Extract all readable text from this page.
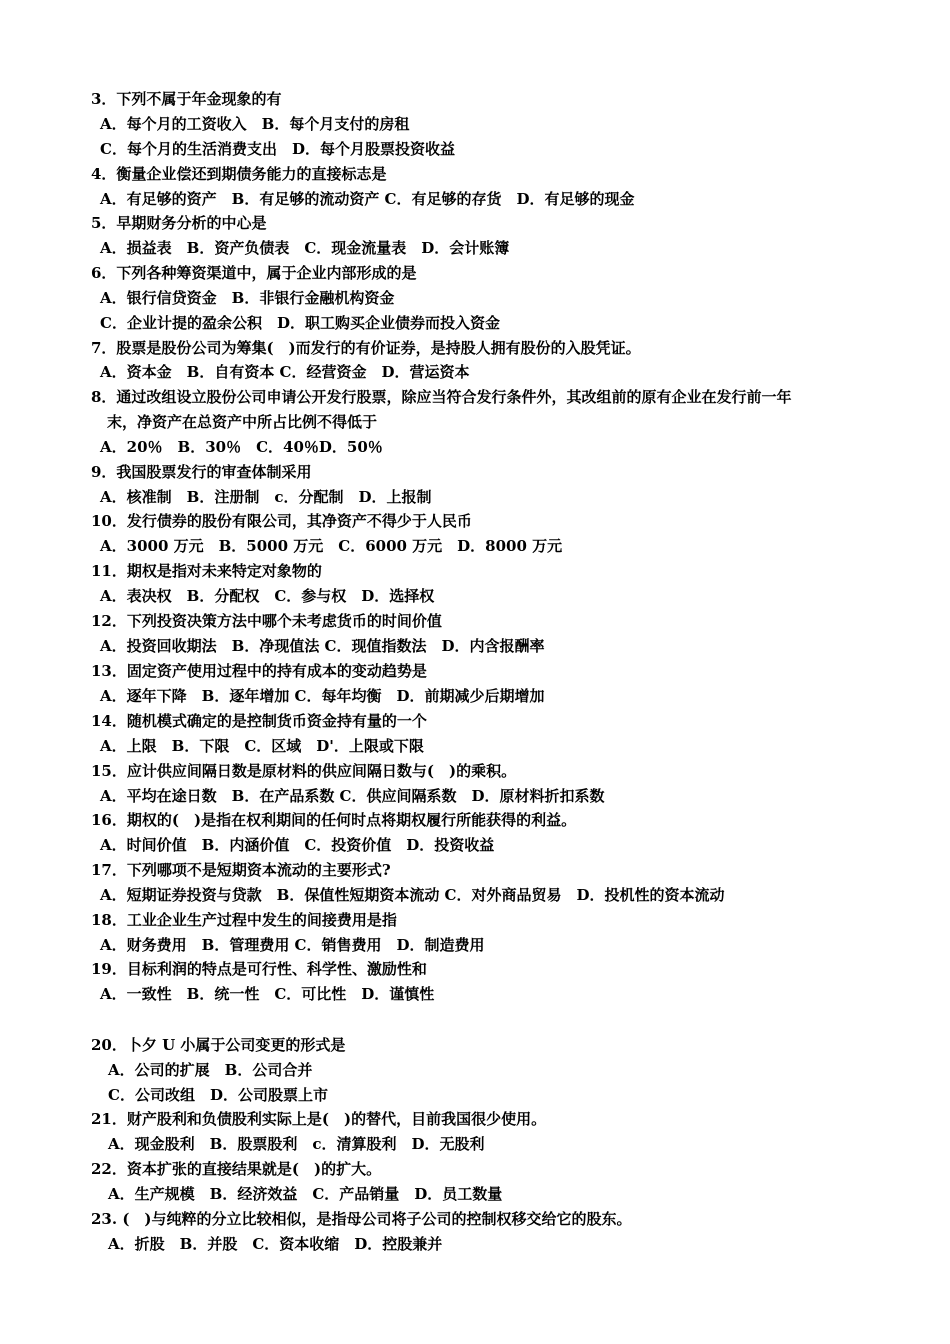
3．下列不属于年金现象的有
A．每个月的工资收入　B．每个月支付的房租
C．每个月的生活消费支出　D．每个月股票投资收益
4．衡量企业偿还到期债务能力的直接标志是
A．有足够的资产　B．有足够的流动资产 C．有足够的存货　D．有足够的现金
5．早期财务分析的中心是
A．损益表　B．资产负债表　C．现金流量表　D．会计账簿
6．下列各种筹资渠道中，属于企业内部形成的是
A．银行信贷资金　B．非银行金融机构资金
C．企业计提的盈余公积　D．职工购买企业债券而投入资金
7．股票是股份公司为筹集(　)而发行的有价证券，是持股人拥有股份的入股凭证。
A．资本金　B．自有资本 C．经营资金　D．营运资本
8．通过改组设立股份公司申请公开发行股票，除应当符合发行条件外，其改组前的原有企业在发行前一年
末，净资产在总资产中所占比例不得低于
A．20％　B．30％　C．40％D．50％
9．我国股票发行的审查体制采用
A．核准制　B．注册制　c．分配制　D．上报制
10．发行债券的股份有限公司，其净资产不得少于人民币
A．3000 万元　B．5000 万元　C．6000 万元　D．8000 万元
11．期权是指对未来特定对象物的
A．表决权　B．分配权　C．参与权　D．选择权
12．下列投资决策方法中哪个未考虑货币的时间价值
A．投资回收期法　B．净现值法 C．现值指数法　D．内含报酬率
13．固定资产使用过程中的持有成本的变动趋势是
A．逐年下降　B．逐年增加 C．每年均衡　D．前期减少后期增加
14．随机模式确定的是控制货币资金持有量的一个
A．上限　B．下限　C．区域　D'．上限或下限
15．应计供应间隔日数是原材料的供应间隔日数与(　)的乘积。
A．平均在途日数　B．在产品系数 C．供应间隔系数　D．原材料折扣系数
16．期权的(　)是指在权利期间的任何时点将期权履行所能获得的利益。
A．时间价值　B．内涵价值　C．投资价值　D．投资收益
17．下列哪项不是短期资本流动的主要形式?
A．短期证券投资与贷款　B．保值性短期资本流动 C．对外商品贸易　D．投机性的资本流动
18．工业企业生产过程中发生的间接费用是指
A．财务费用　B．管理费用 C．销售费用　D．制造费用
19．目标利润的特点是可行性、科学性、激励性和
A．一致性　B．统一性　C．可比性　D．谨慎性
20．卜夕 U 小属于公司变更的形式是
A．公司的扩展　B．公司合并
C．公司改组　D．公司股票上市
21．财产股利和负债股利实际上是(　)的替代，目前我国很少使用。
A．现金股利　B．股票股利　c．清算股利　D．无股利
22．资本扩张的直接结果就是(　)的扩大。
A．生产规模　B．经济效益　C．产品销量　D．员工数量
23. (　)与纯粹的分立比较相似，是指母公司将子公司的控制权移交给它的股东。
A．折股　B．并股　C．资本收缩　D．控股兼并
